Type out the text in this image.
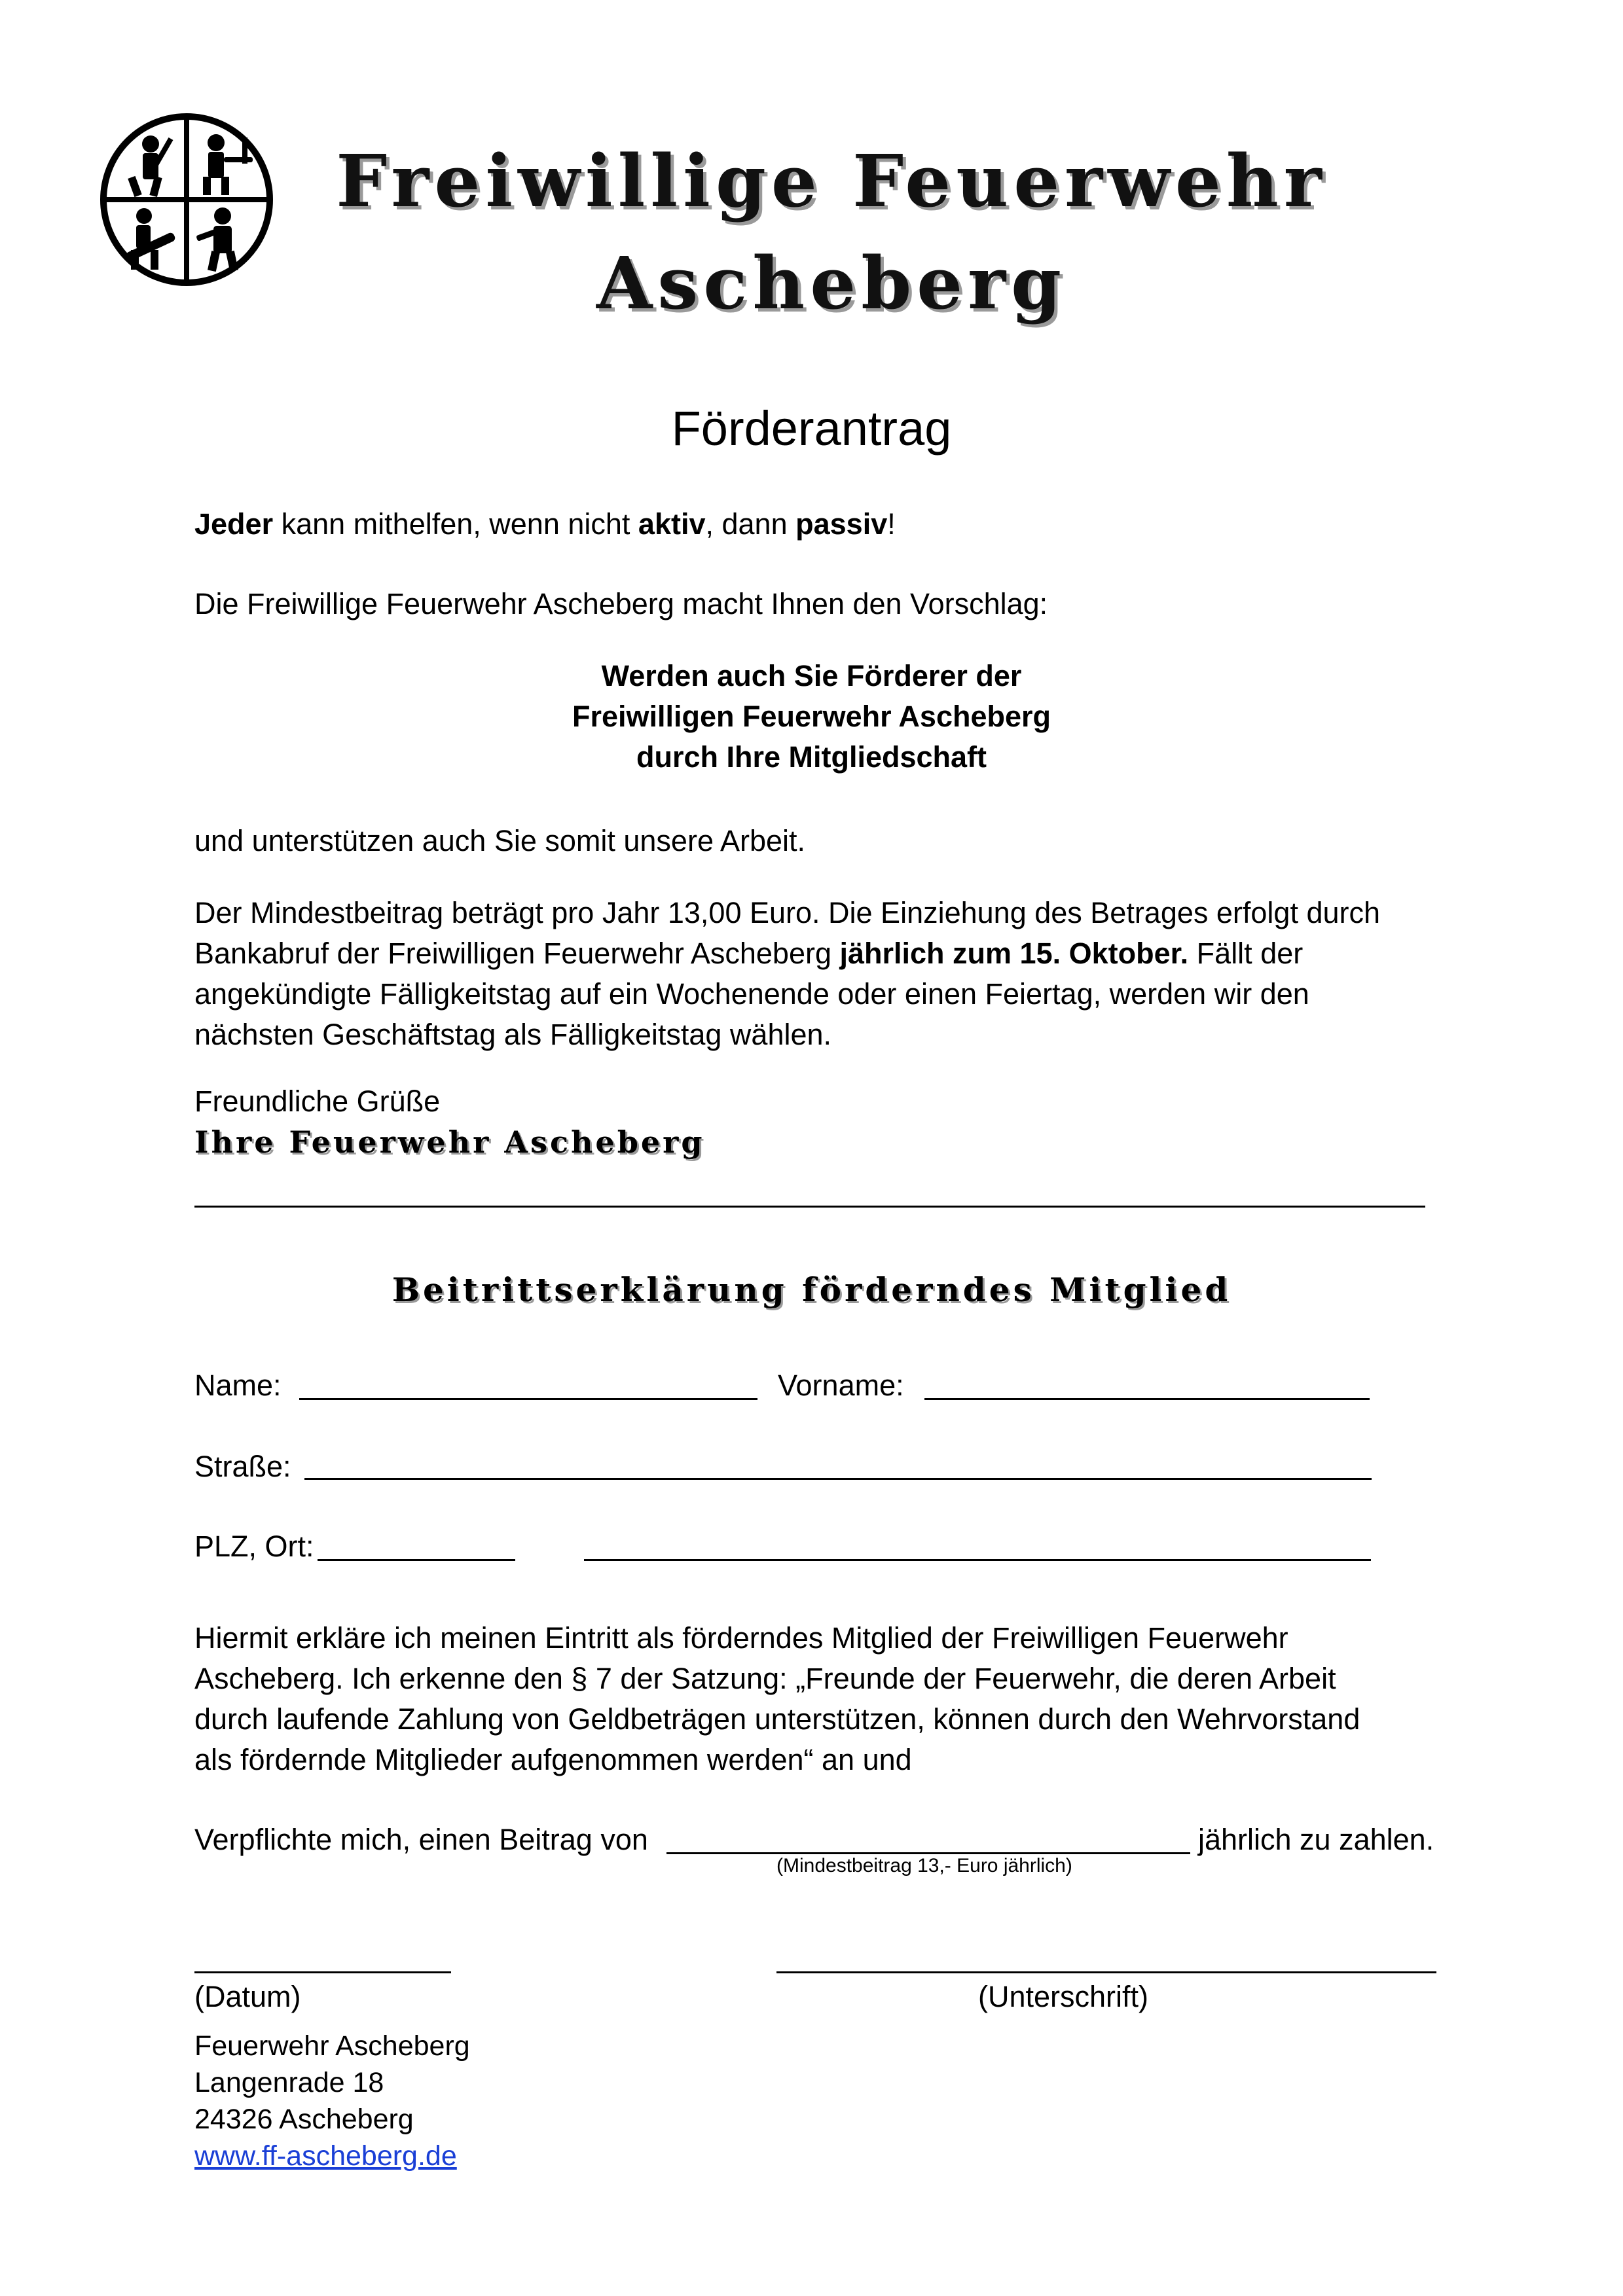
Freiwillige Feuerwehr
Ascheberg
Förderantrag
Jeder kann mithelfen, wenn nicht aktiv, dann passiv!
Die Freiwillige Feuerwehr Ascheberg macht Ihnen den Vorschlag:
Werden auch Sie Förderer der
Freiwilligen Feuerwehr Ascheberg
durch Ihre Mitgliedschaft
und unterstützen auch Sie somit unsere Arbeit.
Der Mindestbeitrag beträgt pro Jahr 13,00 Euro. Die Einziehung des Betrages erfolgt durch
Bankabruf der Freiwilligen Feuerwehr Ascheberg jährlich zum 15. Oktober. Fällt der
angekündigte Fälligkeitstag auf ein Wochenende oder einen Feiertag, werden wir den
nächsten Geschäftstag als Fälligkeitstag wählen.
Freundliche Grüße
Ihre Feuerwehr Ascheberg
Beitrittserklärung förderndes Mitglied
Name:	Vorname:
Straße:
PLZ, Ort:
Hiermit erkläre ich meinen Eintritt als förderndes Mitglied der Freiwilligen Feuerwehr
Ascheberg. Ich erkenne den § 7 der Satzung: „Freunde der Feuerwehr, die deren Arbeit
durch laufende Zahlung von Geldbeträgen unterstützen, können durch den Wehrvorstand
als fördernde Mitglieder aufgenommen werden“ an und
Verpflichte mich, einen Beitrag von	jährlich zu zahlen.
(Mindestbeitrag 13,- Euro jährlich)
(Datum)	(Unterschrift)
Feuerwehr Ascheberg
Langenrade 18
24326 Ascheberg
www.ff-ascheberg.de
